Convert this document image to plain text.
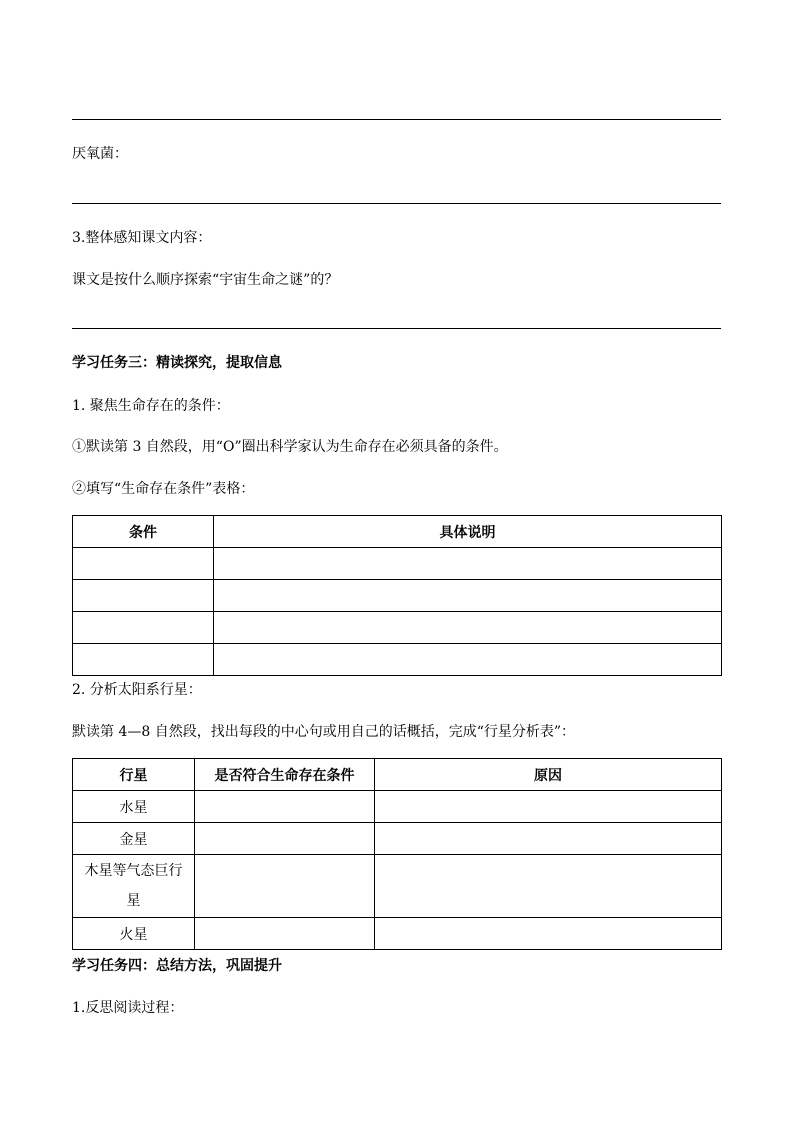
厌氧菌：
3.整体感知课文内容：
课文是按什么顺序探索“宇宙生命之谜”的？
学习任务三：精读探究，提取信息
1. 聚焦生命存在的条件：
①默读第 3 自然段，用“O”圈出科学家认为生命存在必须具备的条件。
②填写“生命存在条件”表格：
条件	具体说明

2. 分析太阳系行星：
默读第 4—8 自然段，找出每段的中心句或用自己的话概括，完成“行星分析表”：
行星	是否符合生命存在条件	原因
水星		
金星		
木星等气态巨行星		
火星		
学习任务四：总结方法，巩固提升
1.反思阅读过程：
